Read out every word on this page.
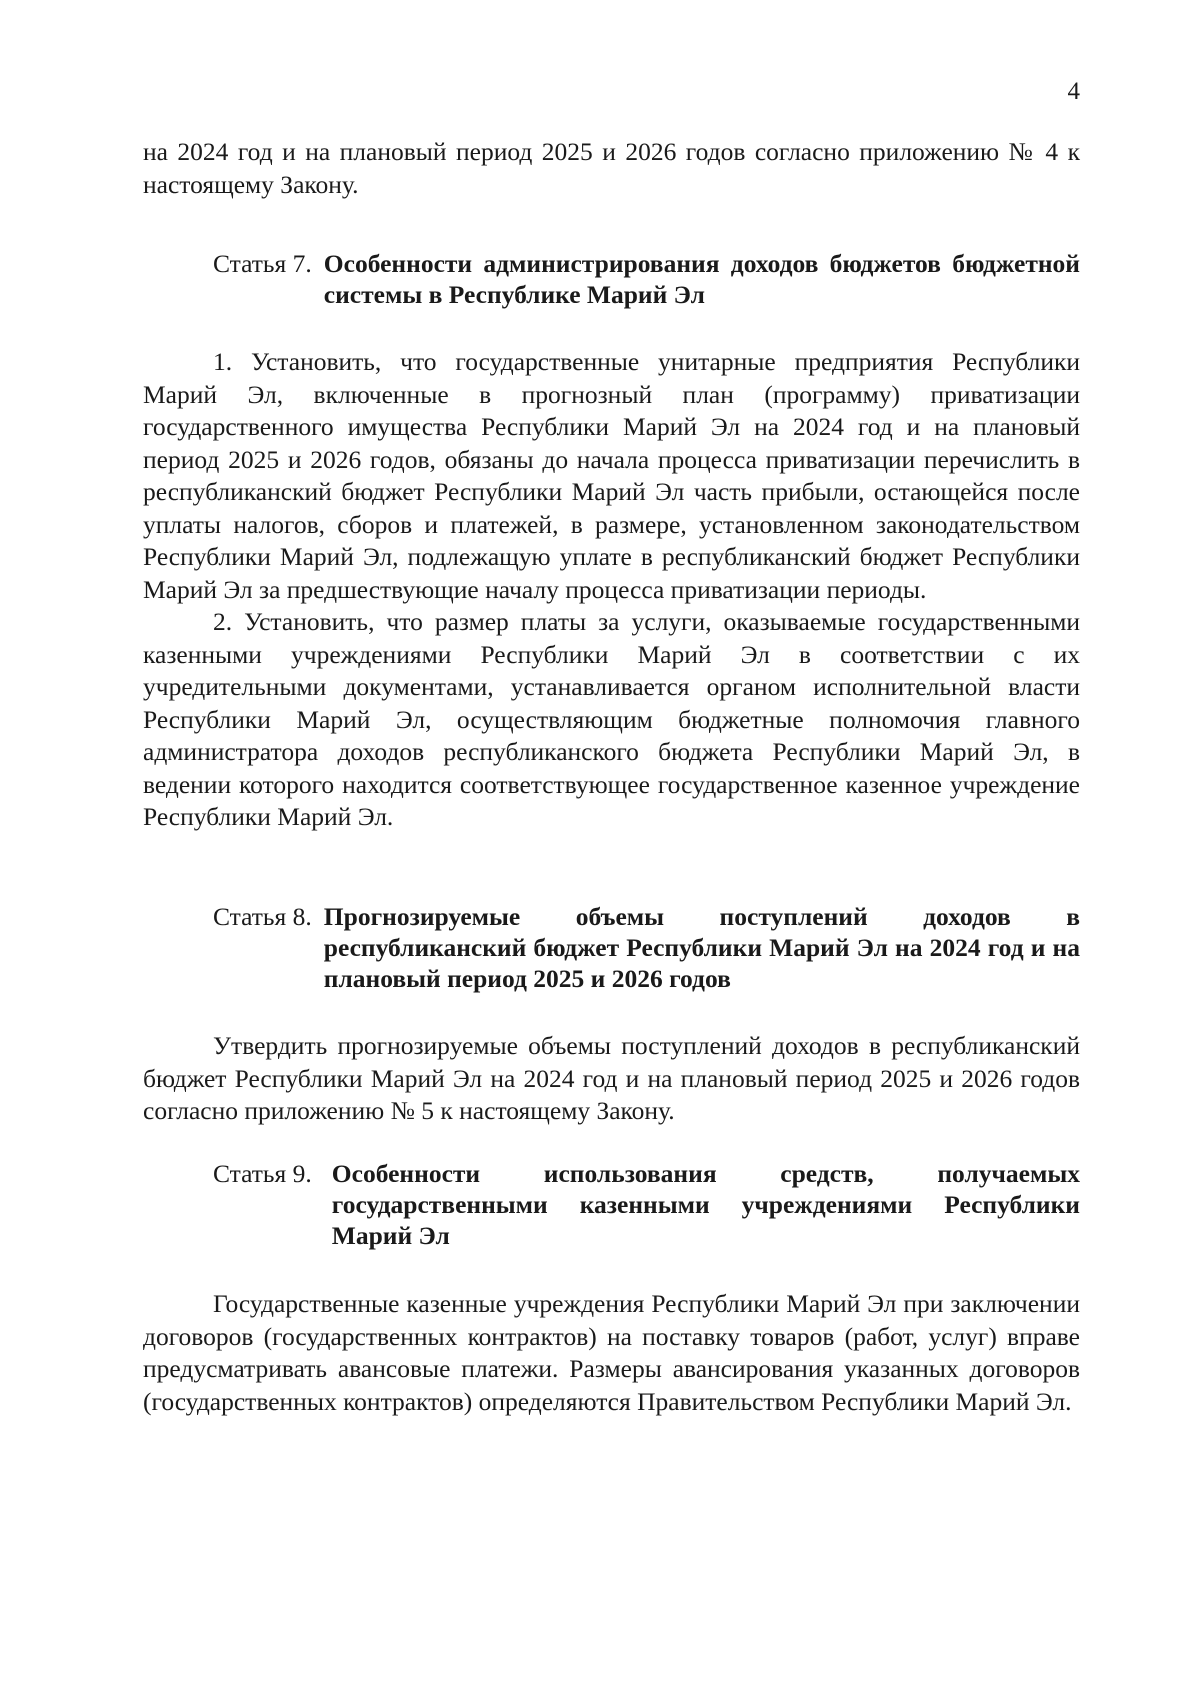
4

на 2024 год и на плановый период 2025 и 2026 годов согласно приложению № 4 к настоящему Закону.

Статья 7. Особенности администрирования доходов бюджетов бюджетной системы в Республике Марий Эл

1. Установить, что государственные унитарные предприятия Республики Марий Эл, включенные в прогнозный план (программу) приватизации государственного имущества Республики Марий Эл на 2024 год и на плановый период 2025 и 2026 годов, обязаны до начала процесса приватизации перечислить в республиканский бюджет Республики Марий Эл часть прибыли, остающейся после уплаты налогов, сборов и платежей, в размере, установленном законодательством Республики Марий Эл, подлежащую уплате в республиканский бюджет Республики Марий Эл за предшествующие началу процесса приватизации периоды.

2. Установить, что размер платы за услуги, оказываемые государственными казенными учреждениями Республики Марий Эл в соответствии с их учредительными документами, устанавливается органом исполнительной власти Республики Марий Эл, осуществляющим бюджетные полномочия главного администратора доходов республиканского бюджета Республики Марий Эл, в ведении которого находится соответствующее государственное казенное учреждение Республики Марий Эл.

Статья 8. Прогнозируемые объемы поступлений доходов в республиканский бюджет Республики Марий Эл на 2024 год и на плановый период 2025 и 2026 годов

Утвердить прогнозируемые объемы поступлений доходов в республиканский бюджет Республики Марий Эл на 2024 год и на плановый период 2025 и 2026 годов согласно приложению № 5 к настоящему Закону.

Статья 9. Особенности использования средств, получаемых государственными казенными учреждениями Республики Марий Эл

Государственные казенные учреждения Республики Марий Эл при заключении договоров (государственных контрактов) на поставку товаров (работ, услуг) вправе предусматривать авансовые платежи. Размеры авансирования указанных договоров (государственных контрактов) определяются Правительством Республики Марий Эл.
